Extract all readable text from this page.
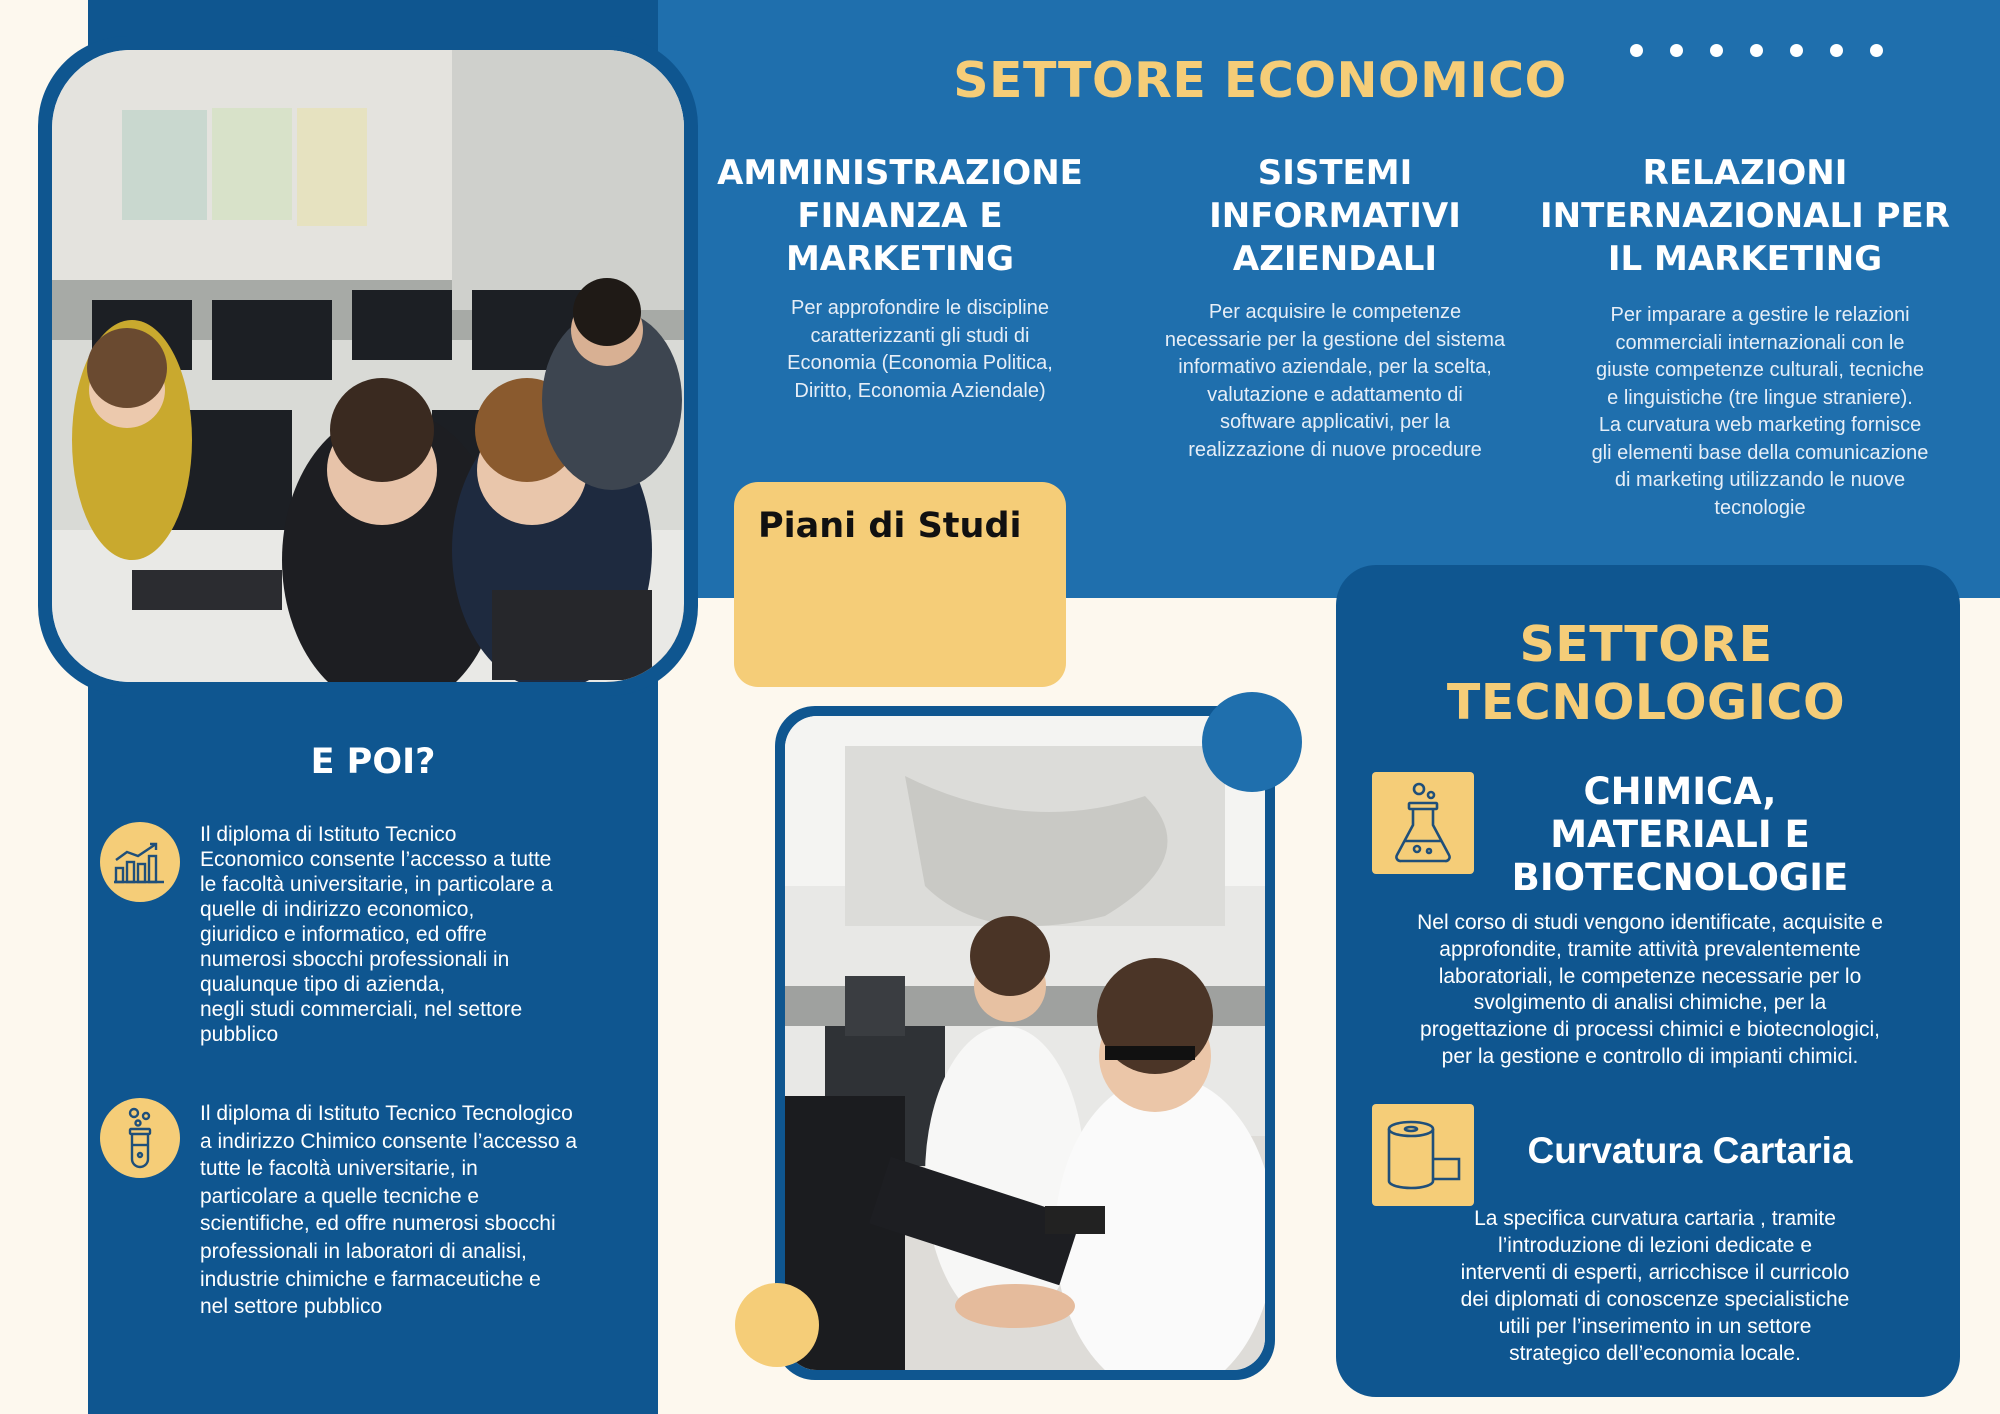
SETTORE ECONOMICO
AMMINISTRAZIONE
FINANZA E
MARKETING

Per approfondire le discipline
caratterizzanti gli studi di
Economia (Economia Politica,
Diritto, Economia Aziendale)

SISTEMI
INFORMATIVI
AZIENDALI

Per acquisire le competenze
necessarie per la gestione del sistema
informativo aziendale, per la scelta,
valutazione e adattamento di
software applicativi, per la
realizzazione di nuove procedure

RELAZIONI
INTERNAZIONALI PER
IL MARKETING

Per imparare a gestire le relazioni
commerciali internazionali con le
giuste competenze culturali, tecniche
e linguistiche (tre lingue straniere).
La curvatura web marketing fornisce
gli elementi base della comunicazione
di marketing utilizzando le nuove
tecnologie

Piani di Studi
E POI?

Il diploma di Istituto Tecnico
Economico consente l’accesso a tutte
le facoltà universitarie, in particolare a
quelle di indirizzo economico,
giuridico e informatico, ed offre
numerosi sbocchi professionali in
qualunque tipo di azienda,
negli studi commerciali, nel settore
pubblico

Il diploma di Istituto Tecnico Tecnologico
a indirizzo Chimico consente l’accesso a
tutte le facoltà universitarie, in
particolare a quelle tecniche e
scientifiche, ed offre numerosi sbocchi
professionali in laboratori di analisi,
industrie chimiche e farmaceutiche e
nel settore pubblico

SETTORE
TECNOLOGICO
CHIMICA,
MATERIALI E
BIOTECNOLOGIE

Nel corso di studi vengono identificate, acquisite e
approfondite, tramite attività prevalentemente
laboratoriali, le competenze necessarie per lo
svolgimento di analisi chimiche, per la
progettazione di processi chimici e biotecnologici,
per la gestione e controllo di impianti chimici.

Curvatura Cartaria

La specifica curvatura cartaria , tramite
l’introduzione di lezioni dedicate e
interventi di esperti, arricchisce il curricolo
dei diplomati di conoscenze specialistiche
utili per l’inserimento in un settore
strategico dell’economia locale.
